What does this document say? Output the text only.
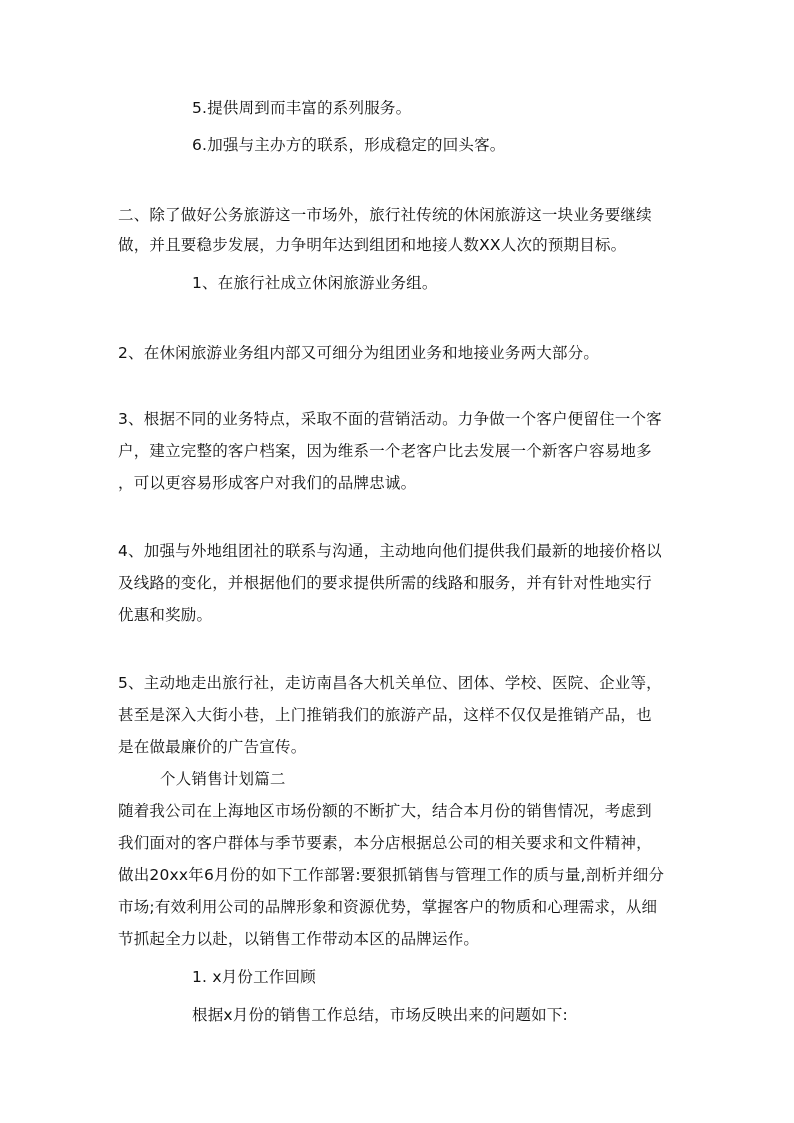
5.提供周到而丰富的系列服务。
6.加强与主办方的联系，形成稳定的回头客。
二、除了做好公务旅游这一市场外，旅行社传统的休闲旅游这一块业务要继续
做，并且要稳步发展，力争明年达到组团和地接人数XX人次的预期目标。
1、在旅行社成立休闲旅游业务组。
2、在休闲旅游业务组内部又可细分为组团业务和地接业务两大部分。
3、根据不同的业务特点，采取不面的营销活动。力争做一个客户便留住一个客
户，建立完整的客户档案，因为维系一个老客户比去发展一个新客户容易地多
，可以更容易形成客户对我们的品牌忠诚。
4、加强与外地组团社的联系与沟通，主动地向他们提供我们最新的地接价格以
及线路的变化，并根据他们的要求提供所需的线路和服务，并有针对性地实行
优惠和奖励。
5、主动地走出旅行社，走访南昌各大机关单位、团体、学校、医院、企业等，
甚至是深入大街小巷，上门推销我们的旅游产品，这样不仅仅是推销产品，也
是在做最廉价的广告宣传。
个人销售计划篇二
随着我公司在上海地区市场份额的不断扩大，结合本月份的销售情况，考虑到
我们面对的客户群体与季节要素，本分店根据总公司的相关要求和文件精神，
做出20xx年6月份的如下工作部署:要狠抓销售与管理工作的质与量,剖析并细分
市场;有效利用公司的品牌形象和资源优势，掌握客户的物质和心理需求，从细
节抓起全力以赴，以销售工作带动本区的品牌运作。
1. x月份工作回顾
根据x月份的销售工作总结，市场反映出来的问题如下:
